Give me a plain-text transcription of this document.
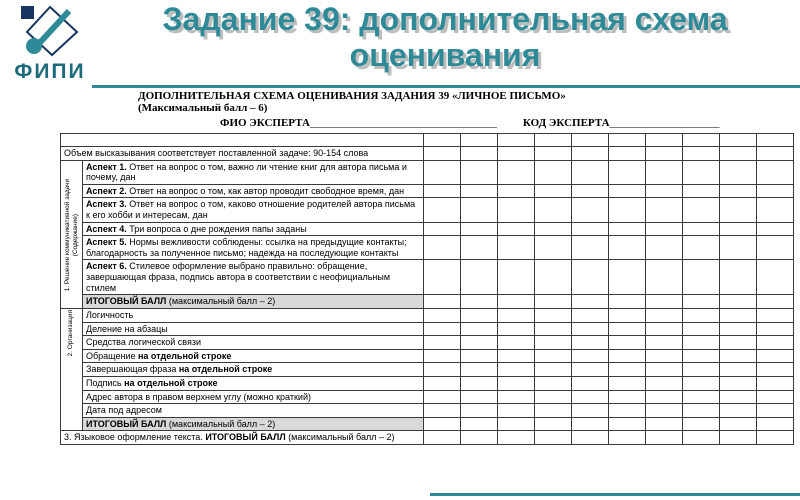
ФИПИ
Задание 39: дополнительная схема оценивания
ДОПОЛНИТЕЛЬНАЯ СХЕМА ОЦЕНИВАНИЯ ЗАДАНИЯ 39 «ЛИЧНОЕ ПИСЬМО»
(Максимальный балл – 6)
ФИО ЭКСПЕРТА__________________________________ КОД ЭКСПЕРТА____________________

Объем высказывания соответствует поставленной задаче: 90-154 слова											
1. Решение коммуникативной задачи (Содержание)	Аспект 1. Ответ на вопрос о том, важно ли чтение книг для автора письма и почему, дан										
	Аспект 2. Ответ на вопрос о том, как автор проводит свободное время, дан										
	Аспект 3. Ответ на вопрос о том, каково отношение родителей автора письма к его хобби и интересам, дан										
	Аспект 4. Три вопроса о дне рождения папы заданы										
	Аспект 5. Нормы вежливости соблюдены: ссылка на предыдущие контакты; благодарность за полученное письмо; надежда на последующие контакты										
	Аспект 6. Стилевое оформление выбрано правильно: обращение, завершающая фраза, подпись автора в соответствии с неофициальным стилем										
	ИТОГОВЫЙ БАЛЛ (максимальный балл – 2)										
2. Организация	Логичность										
	Деление на абзацы										
	Средства логической связи										
	Обращение на отдельной строке										
	Завершающая фраза на отдельной строке										
	Подпись на отдельной строке										
	Адрес автора в правом верхнем углу (можно краткий)										
	Дата под адресом										
	ИТОГОВЫЙ БАЛЛ (максимальный балл – 2)										
3. Языковое оформление текста. ИТОГОВЫЙ БАЛЛ (максимальный балл – 2)											
